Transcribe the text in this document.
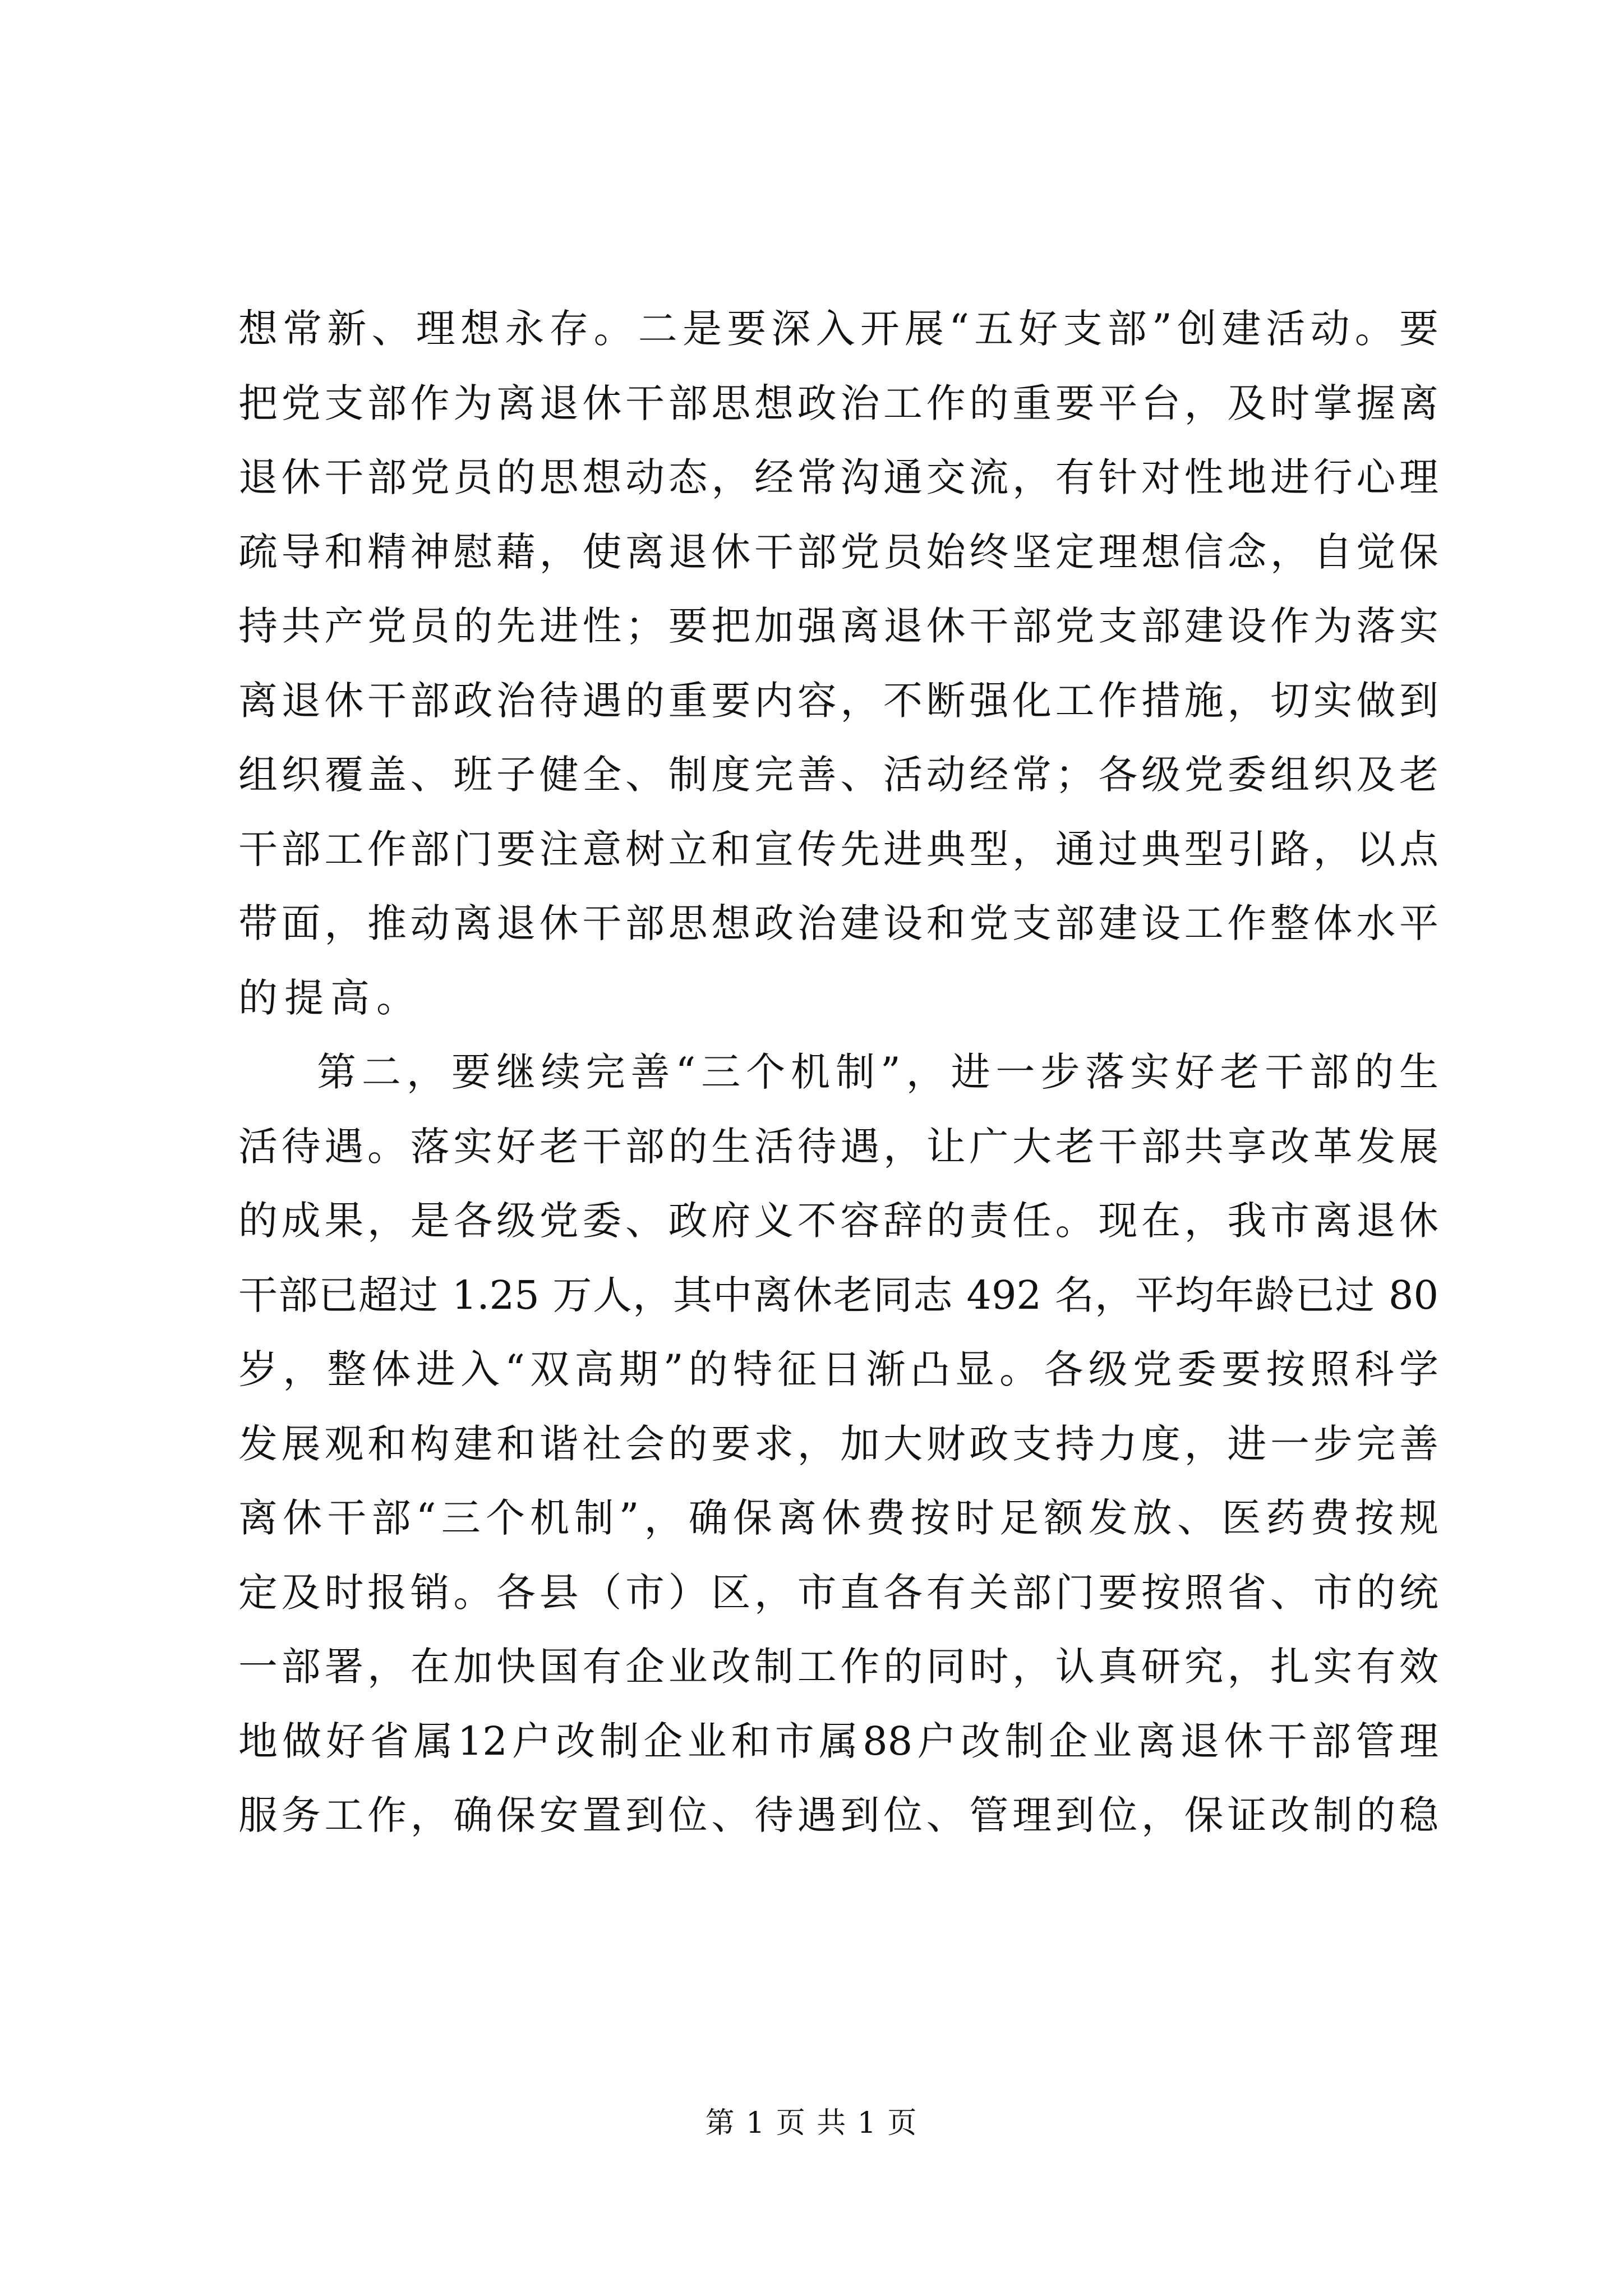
想常新、理想永存。二是要深入开展“五好支部”创建活动。要
把党支部作为离退休干部思想政治工作的重要平台，及时掌握离
退休干部党员的思想动态，经常沟通交流，有针对性地进行心理
疏导和精神慰藉，使离退休干部党员始终坚定理想信念，自觉保
持共产党员的先进性；要把加强离退休干部党支部建设作为落实
离退休干部政治待遇的重要内容，不断强化工作措施，切实做到
组织覆盖、班子健全、制度完善、活动经常；各级党委组织及老
干部工作部门要注意树立和宣传先进典型，通过典型引路，以点
带面，推动离退休干部思想政治建设和党支部建设工作整体水平
的提高。
第二，要继续完善“三个机制”，进一步落实好老干部的生
活待遇。落实好老干部的生活待遇，让广大老干部共享改革发展
的成果，是各级党委、政府义不容辞的责任。现在，我市离退休
干部已超过 1.25 万人，其中离休老同志 492 名，平均年龄已过 80
岁，整体进入“双高期”的特征日渐凸显。各级党委要按照科学
发展观和构建和谐社会的要求，加大财政支持力度，进一步完善
离休干部“三个机制”，确保离休费按时足额发放、医药费按规
定及时报销。各县（市）区，市直各有关部门要按照省、市的统
一部署，在加快国有企业改制工作的同时，认真研究，扎实有效
地做好省属12户改制企业和市属88户改制企业离退休干部管理
服务工作，确保安置到位、待遇到位、管理到位，保证改制的稳
第 1 页 共 1 页
